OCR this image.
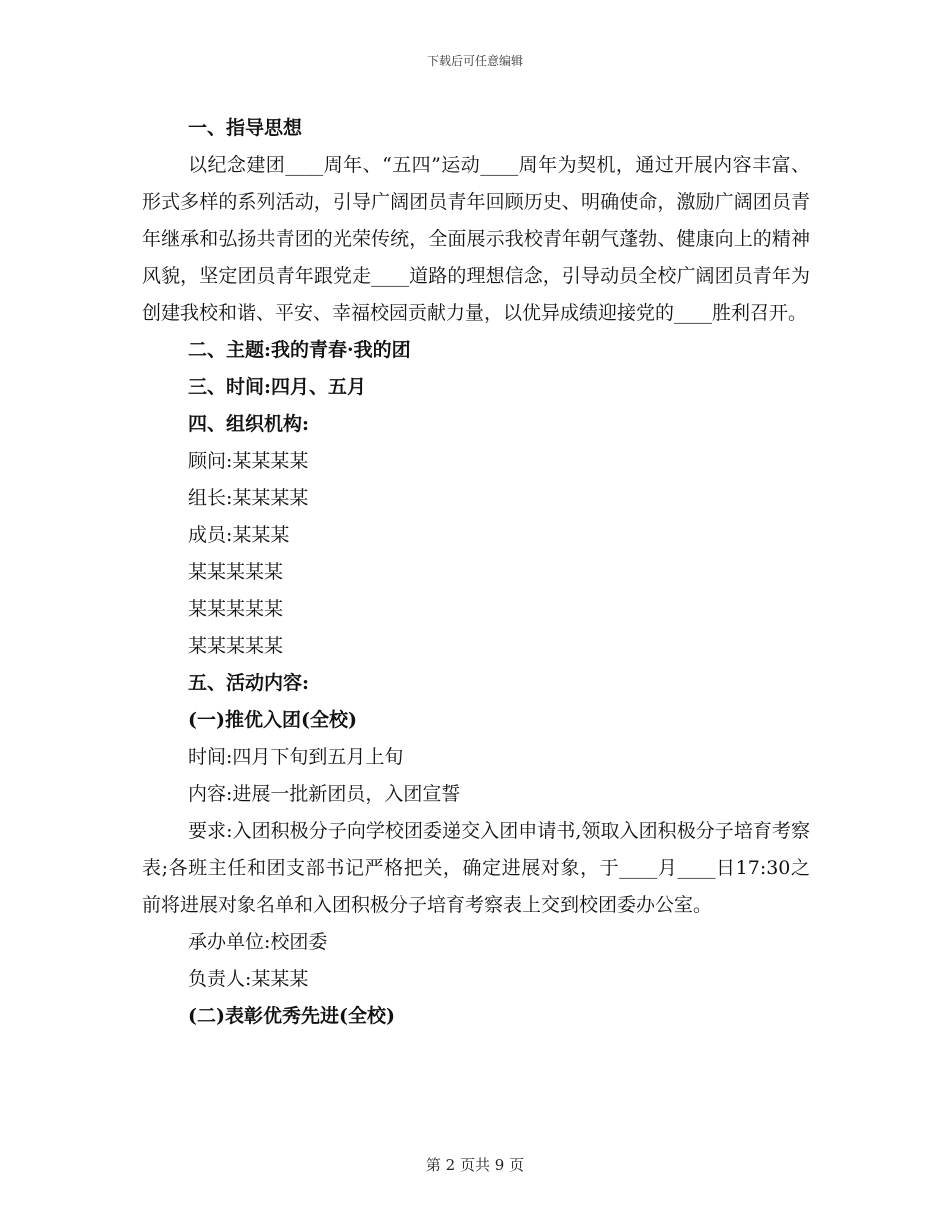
下载后可任意编辑
一、指导思想

以纪念建团____周年、“五四”运动____周年为契机，通过开展内容丰富、形式多样的系列活动，引导广阔团员青年回顾历史、明确使命，激励广阔团员青年继承和弘扬共青团的光荣传统，全面展示我校青年朝气蓬勃、健康向上的精神风貌，坚定团员青年跟党走____道路的理想信念，引导动员全校广阔团员青年为创建我校和谐、平安、幸福校园贡献力量，以优异成绩迎接党的____胜利召开。

二、主题:我的青春·我的团
三、时间:四月、五月
四、组织机构:
顾问:某某某某
组长:某某某某
成员:某某某
某某某某某
某某某某某
某某某某某
五、活动内容:
(一)推优入团(全校)
时间:四月下旬到五月上旬
内容:进展一批新团员，入团宣誓

要求:入团积极分子向学校团委递交入团申请书,领取入团积极分子培育考察表;各班主任和团支部书记严格把关，确定进展对象，于____月____日17:30之前将进展对象名单和入团积极分子培育考察表上交到校团委办公室。

承办单位:校团委
负责人:某某某
(二)表彰优秀先进(全校)
第 2 页共 9 页
